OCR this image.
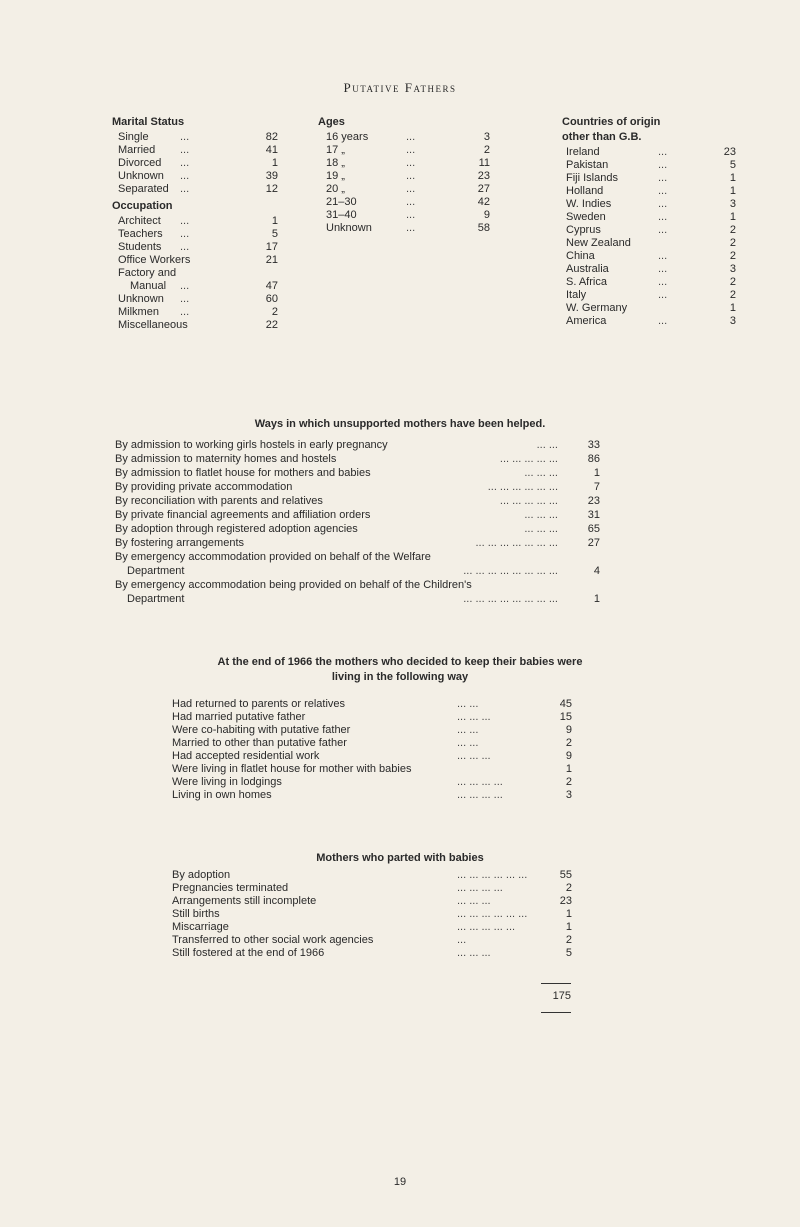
Putative Fathers
Marital Status
Single	...	82
Married ...	41
Divorced ...	1
Unknown ...	39
Separated ...	12
Occupation
Architect ...	1
Teachers ...	5
Students ...	17
Office Workers	21
Factory and
Manual ...	47
Unknown ...	60
Milkmen ...	2
Miscellaneous	22
Ages
16 years	...	3
17 „	...	2
18 „	...	11
19 „	...	23
20 „	...	27
21–30	...	42
31–40	...	9
Unknown	...	58
Countries of origin
other than G.B.
Ireland	...	23
Pakistan	...	5
Fiji Islands	...	1
Holland	...	1
W. Indies	...	3
Sweden	...	1
Cyprus	...	2
New Zealand	2
China	...	2
Australia	...	3
S. Africa	...	2
Italy	...	2
W. Germany	1
America	...	3
Ways in which unsupported mothers have been helped.
By admission to working girls hostels in early pregnancy	... ...	33
By admission to maternity homes and hostels	... ... ... ... ...	86
By admission to flatlet house for mothers and babies	... ... ...	1
By providing private accommodation	... ... ... ... ... ...	7
By reconciliation with parents and relatives	... ... ... ... ...	23
By private financial agreements and affiliation orders	... ... ...	31
By adoption through registered adoption agencies	... ... ...	65
By fostering arrangements	... ... ... ... ... ... ...	27
By emergency accommodation provided on behalf of the Welfare
Department	... ... ... ... ... ... ... ...	4
By emergency accommodation being provided on behalf of the Children's
Department	... ... ... ... ... ... ... ...	1
At the end of 1966 the mothers who decided to keep their babies were
living in the following way
Had returned to parents or relatives	... ...	45
Had married putative father	... ... ...	15
Were co-habiting with putative father	... ...	9
Married to other than putative father	... ...	2
Had accepted residential work	... ... ...	9
Were living in flatlet house for mother with babies	1
Were living in lodgings	... ... ... ...	2
Living in own homes	... ... ... ...	3
Mothers who parted with babies
By adoption	... ... ... ... ... ...	55
Pregnancies terminated	... ... ... ...	2
Arrangements still incomplete	... ... ...	23
Still births	... ... ... ... ... ...	1
Miscarriage	... ... ... ... ...	1
Transferred to other social work agencies	...	2
Still fostered at the end of 1966	... ... ...	5
175
19
